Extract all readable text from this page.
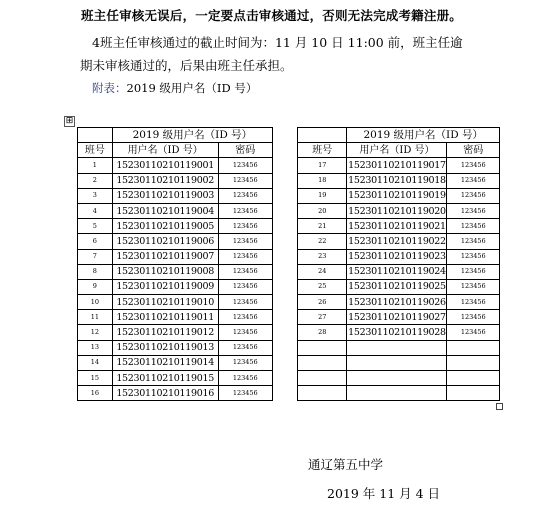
班主任审核无误后，一定要点击审核通过，否则无法完成考籍注册。
4班主任审核通过的截止时间为：11 月 10 日 11:00 前，班主任逾
期未审核通过的，后果由班主任承担。
附表：2019 级用户名（ID 号）
⊞
	2019 级用户名（ID 号）	
班号	用户名（ID 号）	密码
1	15230110210119001	123456
2	15230110210119002	123456
3	15230110210119003	123456
4	15230110210119004	123456
5	15230110210119005	123456
6	15230110210119006	123456
7	15230110210119007	123456
8	15230110210119008	123456
9	15230110210119009	123456
10	15230110210119010	123456
11	15230110210119011	123456
12	15230110210119012	123456
13	15230110210119013	123456
14	15230110210119014	123456
15	15230110210119015	123456
16	15230110210119016	123456
	2019 级用户名（ID 号）	
班号	用户名（ID 号）	密码
17	15230110210119017	123456
18	15230110210119018	123456
19	15230110210119019	123456
20	15230110210119020	123456
21	15230110210119021	123456
22	15230110210119022	123456
23	15230110210119023	123456
24	15230110210119024	123456
25	15230110210119025	123456
26	15230110210119026	123456
27	15230110210119027	123456
28	15230110210119028	123456

通辽第五中学
2019 年 11 月 4 日
